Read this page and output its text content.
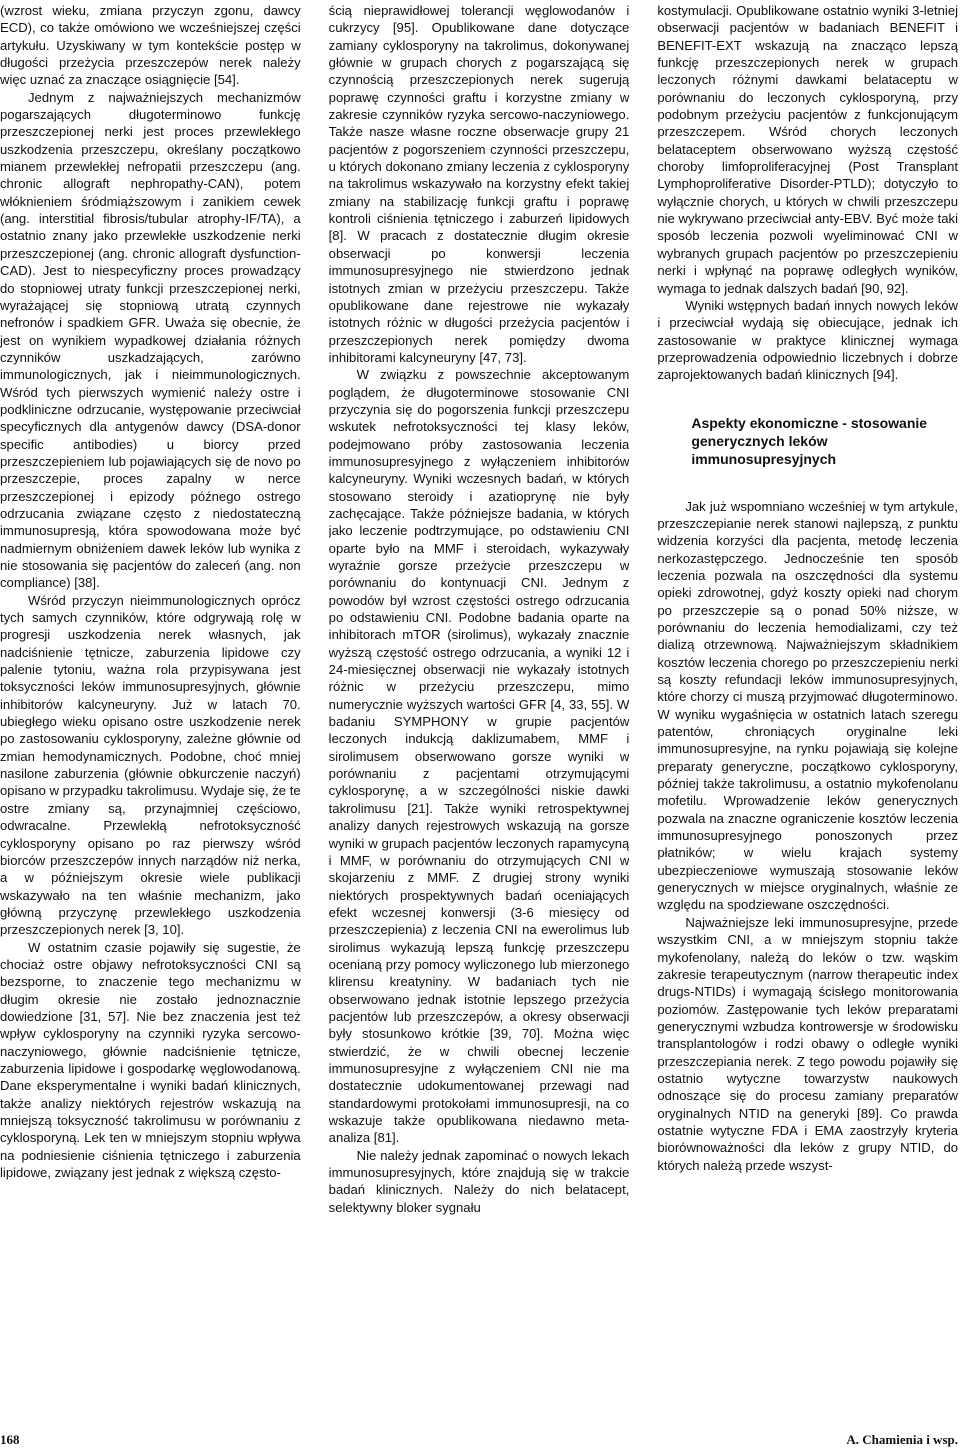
(wzrost wieku, zmiana przyczyn zgonu, dawcy ECD), co także omówiono we wcześniejszej części artykułu. Uzyskiwany w tym kontekście postęp w długości przeżycia przeszczepów nerek należy więc uznać za znaczące osiągnięcie [54].

Jednym z najważniejszych mechanizmów pogarszających długoterminowo funkcję przeszczepionej nerki jest proces przewlekłego uszkodzenia przeszczepu, określany początkowo mianem przewlekłej nefropatii przeszczepu (ang. chronic allograft nephropathy-CAN), potem włóknieniem śródmiąższowym i zanikiem cewek (ang. interstitial fibrosis/tubular atrophy-IF/TA), a ostatnio znany jako przewlekłe uszkodzenie nerki przeszczepionej (ang. chronic allograft dysfunction-CAD). Jest to niespecyficzny proces prowadzący do stopniowej utraty funkcji przeszczepionej nerki, wyrażającej się stopniową utratą czynnych nefronów i spadkiem GFR. Uważa się obecnie, że jest on wynikiem wypadkowej działania różnych czynników uszkadzających, zarówno immunologicznych, jak i nieimmunologicznych. Wśród tych pierwszych wymienić należy ostre i podkliniczne odrzucanie, występowanie przeciwciał specyficznych dla antygenów dawcy (DSA-donor specific antibodies) u biorcy przed przeszczepieniem lub pojawiających się de novo po przeszczepie, proces zapalny w nerce przeszczepionej i epizody późnego ostrego odrzucania związane często z niedostateczną immunosupresją, która spowodowana może być nadmiernym obniżeniem dawek leków lub wynika z nie stosowania się pacjentów do zaleceń (ang. non compliance) [38].

Wśród przyczyn nieimmunologicznych oprócz tych samych czynników, które odgrywają rolę w progresji uszkodzenia nerek własnych, jak nadciśnienie tętnicze, zaburzenia lipidowe czy palenie tytoniu, ważna rola przypisywana jest toksyczności leków immunosupresyjnych, głównie inhibitorów kalcyneuryny. Już w latach 70. ubiegłego wieku opisano ostre uszkodzenie nerek po zastosowaniu cyklosporyny, zależne głównie od zmian hemodynamicznych. Podobne, choć mniej nasilone zaburzenia (głównie obkurczenie naczyń) opisano w przypadku takrolimusu. Wydaje się, że te ostre zmiany są, przynajmniej częściowo, odwracalne. Przewlekłą nefrotoksyczność cyklosporyny opisano po raz pierwszy wśród biorców przeszczepów innych narządów niż nerka, a w późniejszym okresie wiele publikacji wskazywało na ten właśnie mechanizm, jako główną przyczynę przewlekłego uszkodzenia przeszczepionych nerek [3, 10].

W ostatnim czasie pojawiły się sugestie, że chociaż ostre objawy nefrotoksyczności CNI są bezsporne, to znaczenie tego mechanizmu w długim okresie nie zostało jednoznacznie dowiedzione [31, 57]. Nie bez znaczenia jest też wpływ cyklosporyny na czynniki ryzyka sercowo-naczyniowego, głównie nadciśnienie tętnicze, zaburzenia lipidowe i gospodarkę węglowodanową. Dane eksperymentalne i wyniki badań klinicznych, także analizy niektórych rejestrów wskazują na mniejszą toksyczność takrolimusu w porównaniu z cyklosporyną. Lek ten w mniejszym stopniu wpływa na podniesienie ciśnienia tętniczego i zaburzenia lipidowe, związany jest jednak z większą często-

ścią nieprawidłowej tolerancji węglowodanów i cukrzycy [95]. Opublikowane dane dotyczące zamiany cyklosporyny na takrolimus, dokonywanej głównie w grupach chorych z pogarszającą się czynnością przeszczepionych nerek sugerują poprawę czynności graftu i korzystne zmiany w zakresie czynników ryzyka sercowo-naczyniowego. Także nasze własne roczne obserwacje grupy 21 pacjentów z pogorszeniem czynności przeszczepu, u których dokonano zmiany leczenia z cyklosporyny na takrolimus wskazywało na korzystny efekt takiej zmiany na stabilizację funkcji graftu i poprawę kontroli ciśnienia tętniczego i zaburzeń lipidowych [8]. W pracach z dostatecznie długim okresie obserwacji po konwersji leczenia immunosupresyjnego nie stwierdzono jednak istotnych zmian w przeżyciu przeszczepu. Także opublikowane dane rejestrowe nie wykazały istotnych różnic w długości przeżycia pacjentów i przeszczepionych nerek pomiędzy dwoma inhibitorami kalcyneuryny [47, 73].

W związku z powszechnie akceptowanym poglądem, że długoterminowe stosowanie CNI przyczynia się do pogorszenia funkcji przeszczepu wskutek nefrotoksyczności tej klasy leków, podejmowano próby zastosowania leczenia immunosupresyjnego z wyłączeniem inhibitorów kalcyneuryny. Wyniki wczesnych badań, w których stosowano steroidy i azatioprynę nie były zachęcające. Także późniejsze badania, w których jako leczenie podtrzymujące, po odstawieniu CNI oparte było na MMF i steroidach, wykazywały wyraźnie gorsze przeżycie przeszczepu w porównaniu do kontynuacji CNI. Jednym z powodów był wzrost częstości ostrego odrzucania po odstawieniu CNI. Podobne badania oparte na inhibitorach mTOR (sirolimus), wykazały znacznie wyższą częstość ostrego odrzucania, a wyniki 12 i 24-miesięcznej obserwacji nie wykazały istotnych różnic w przeżyciu przeszczepu, mimo numerycznie wyższych wartości GFR [4, 33, 55]. W badaniu SYMPHONY w grupie pacjentów leczonych indukcją daklizumabem, MMF i sirolimusem obserwowano gorsze wyniki w porównaniu z pacjentami otrzymującymi cyklosporynę, a w szczególności niskie dawki takrolimusu [21]. Także wyniki retrospektywnej analizy danych rejestrowych wskazują na gorsze wyniki w grupach pacjentów leczonych rapamycyną i MMF, w porównaniu do otrzymujących CNI w skojarzeniu z MMF. Z drugiej strony wyniki niektórych prospektywnych badań oceniających efekt wczesnej konwersji (3-6 miesięcy od przeszczepienia) z leczenia CNI na ewerolimus lub sirolimus wykazują lepszą funkcję przeszczepu ocenianą przy pomocy wyliczonego lub mierzonego klirensu kreatyniny. W badaniach tych nie obserwowano jednak istotnie lepszego przeżycia pacjentów lub przeszczepów, a okresy obserwacji były stosunkowo krótkie [39, 70]. Można więc stwierdzić, że w chwili obecnej leczenie immunosupresyjne z wyłączeniem CNI nie ma dostatecznie udokumentowanej przewagi nad standardowymi protokołami immunosupresji, na co wskazuje także opublikowana niedawno meta-analiza [81].

Nie należy jednak zapominać o nowych lekach immunosupresyjnych, które znajdują się w trakcie badań klinicznych. Należy do nich belatacept, selektywny bloker sygnału

kostymulacji. Opublikowane ostatnio wyniki 3-letniej obserwacji pacjentów w badaniach BENEFIT i BENEFIT-EXT wskazują na znacząco lepszą funkcję przeszczepionych nerek w grupach leczonych różnymi dawkami belataceptu w porównaniu do leczonych cyklosporyną, przy podobnym przeżyciu pacjentów z funkcjonującym przeszczepem. Wśród chorych leczonych belataceptem obserwowano wyższą częstość choroby limfoproliferacyjnej (Post Transplant Lymphoproliferative Disorder-PTLD); dotyczyło to wyłącznie chorych, u których w chwili przeszczepu nie wykrywano przeciwciał anty-EBV. Być może taki sposób leczenia pozwoli wyeliminować CNI w wybranych grupach pacjentów po przeszczepieniu nerki i wpłynąć na poprawę odległych wyników, wymaga to jednak dalszych badań [90, 92].

Wyniki wstępnych badań innych nowych leków i przeciwciał wydają się obiecujące, jednak ich zastosowanie w praktyce klinicznej wymaga przeprowadzenia odpowiednio liczebnych i dobrze zaprojektowanych badań klinicznych [94].

Aspekty ekonomiczne - stosowanie generycznych leków immunosupresyjnych

Jak już wspomniano wcześniej w tym artykule, przeszczepianie nerek stanowi najlepszą, z punktu widzenia korzyści dla pacjenta, metodę leczenia nerkozastępczego. Jednocześnie ten sposób leczenia pozwala na oszczędności dla systemu opieki zdrowotnej, gdyż koszty opieki nad chorym po przeszczepie są o ponad 50% niższe, w porównaniu do leczenia hemodializami, czy też dializą otrzewnową. Najważniejszym składnikiem kosztów leczenia chorego po przeszczepieniu nerki są koszty refundacji leków immunosupresyjnych, które chorzy ci muszą przyjmować długoterminowo. W wyniku wygaśnięcia w ostatnich latach szeregu patentów, chroniących oryginalne leki immunosupresyjne, na rynku pojawiają się kolejne preparaty generyczne, początkowo cyklosporyny, później także takrolimusu, a ostatnio mykofenolanu mofetilu. Wprowadzenie leków generycznych pozwala na znaczne ograniczenie kosztów leczenia immunosupresyjnego ponoszonych przez płatników; w wielu krajach systemy ubezpieczeniowe wymuszają stosowanie leków generycznych w miejsce oryginalnych, właśnie ze względu na spodziewane oszczędności.

Najważniejsze leki immunosupresyjne, przede wszystkim CNI, a w mniejszym stopniu także mykofenolany, należą do leków o tzw. wąskim zakresie terapeutycznym (narrow therapeutic index drugs-NTIDs) i wymagają ścisłego monitorowania poziomów. Zastępowanie tych leków preparatami generycznymi wzbudza kontrowersje w środowisku transplantologów i rodzi obawy o odległe wyniki przeszczepiania nerek. Z tego powodu pojawiły się ostatnio wytyczne towarzystw naukowych odnoszące się do procesu zamiany preparatów oryginalnych NTID na generyki [89]. Co prawda ostatnie wytyczne FDA i EMA zaostrzyły kryteria biorównoważności dla leków z grupy NTID, do których należą przede wszyst-

168	A. Chamienia i wsp.
